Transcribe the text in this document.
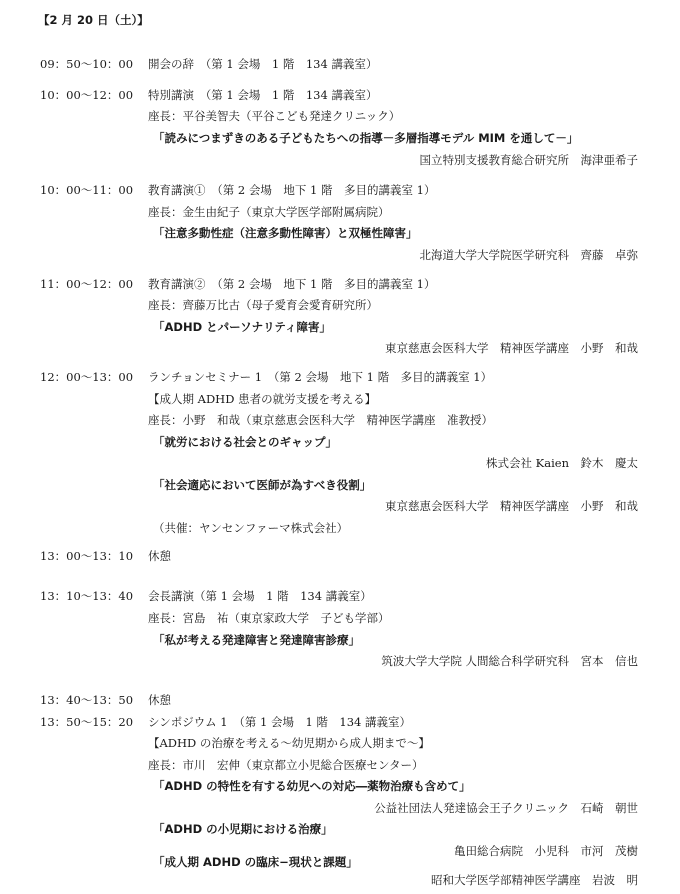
【2 月 20 日（土）】
09：50〜10：00 開会の辞　（第 1 会場　1 階　134 講義室）
10：00〜12：00 特別講演　（第 1 会場　1 階　134 講義室）
座長：平谷美智夫（平谷こども発達クリニック）
「読みにつまずきのある子どもたちへの指導－多層指導モデル MIM を通して－」
国立特別支援教育総合研究所　海津亜希子
10：00〜11：00 教育講演①　（第 2 会場　地下 1 階　多目的講義室 1）
座長：金生由紀子（東京大学医学部附属病院）
「注意多動性症（注意多動性障害）と双極性障害」
北海道大学大学院医学研究科　齊藤　卓弥
11：00〜12：00 教育講演②　（第 2 会場　地下 1 階　多目的講義室 1）
座長：齊藤万比古（母子愛育会愛育研究所）
「ADHD とパーソナリティ障害」
東京慈恵会医科大学　精神医学講座　小野　和哉
12：00〜13：00 ランチョンセミナー 1　（第 2 会場　地下 1 階　多目的講義室 1）
【成人期 ADHD 患者の就労支援を考える】
座長：小野　和哉（東京慈恵会医科大学　精神医学講座　准教授）
「就労における社会とのギャップ」
株式会社 Kaien　鈴木　慶太
「社会適応において医師が為すべき役割」
東京慈恵会医科大学　精神医学講座　小野　和哉
（共催：ヤンセンファーマ株式会社）
13：00〜13：10 休憩
13：10〜13：40 会長講演（第 1 会場　1 階　134 講義室）
座長：宮島　祐（東京家政大学　子ども学部）
「私が考える発達障害と発達障害診療」
筑波大学大学院 人間総合科学研究科　宮本　信也
13：40〜13：50 休憩
13：50〜15：20 シンポジウム 1　（第 1 会場　1 階　134 講義室）
【ADHD の治療を考える〜幼児期から成人期まで〜】
座長：市川　宏伸（東京都立小児総合医療センター）
「ADHD の特性を有する幼児への対応―薬物治療も含めて」
公益社団法人発達協会王子クリニック　石崎　朝世
「ADHD の小児期における治療」
亀田総合病院　小児科　市河　茂樹
「成人期 ADHD の臨床−現状と課題」
昭和大学医学部精神医学講座　岩波　明
